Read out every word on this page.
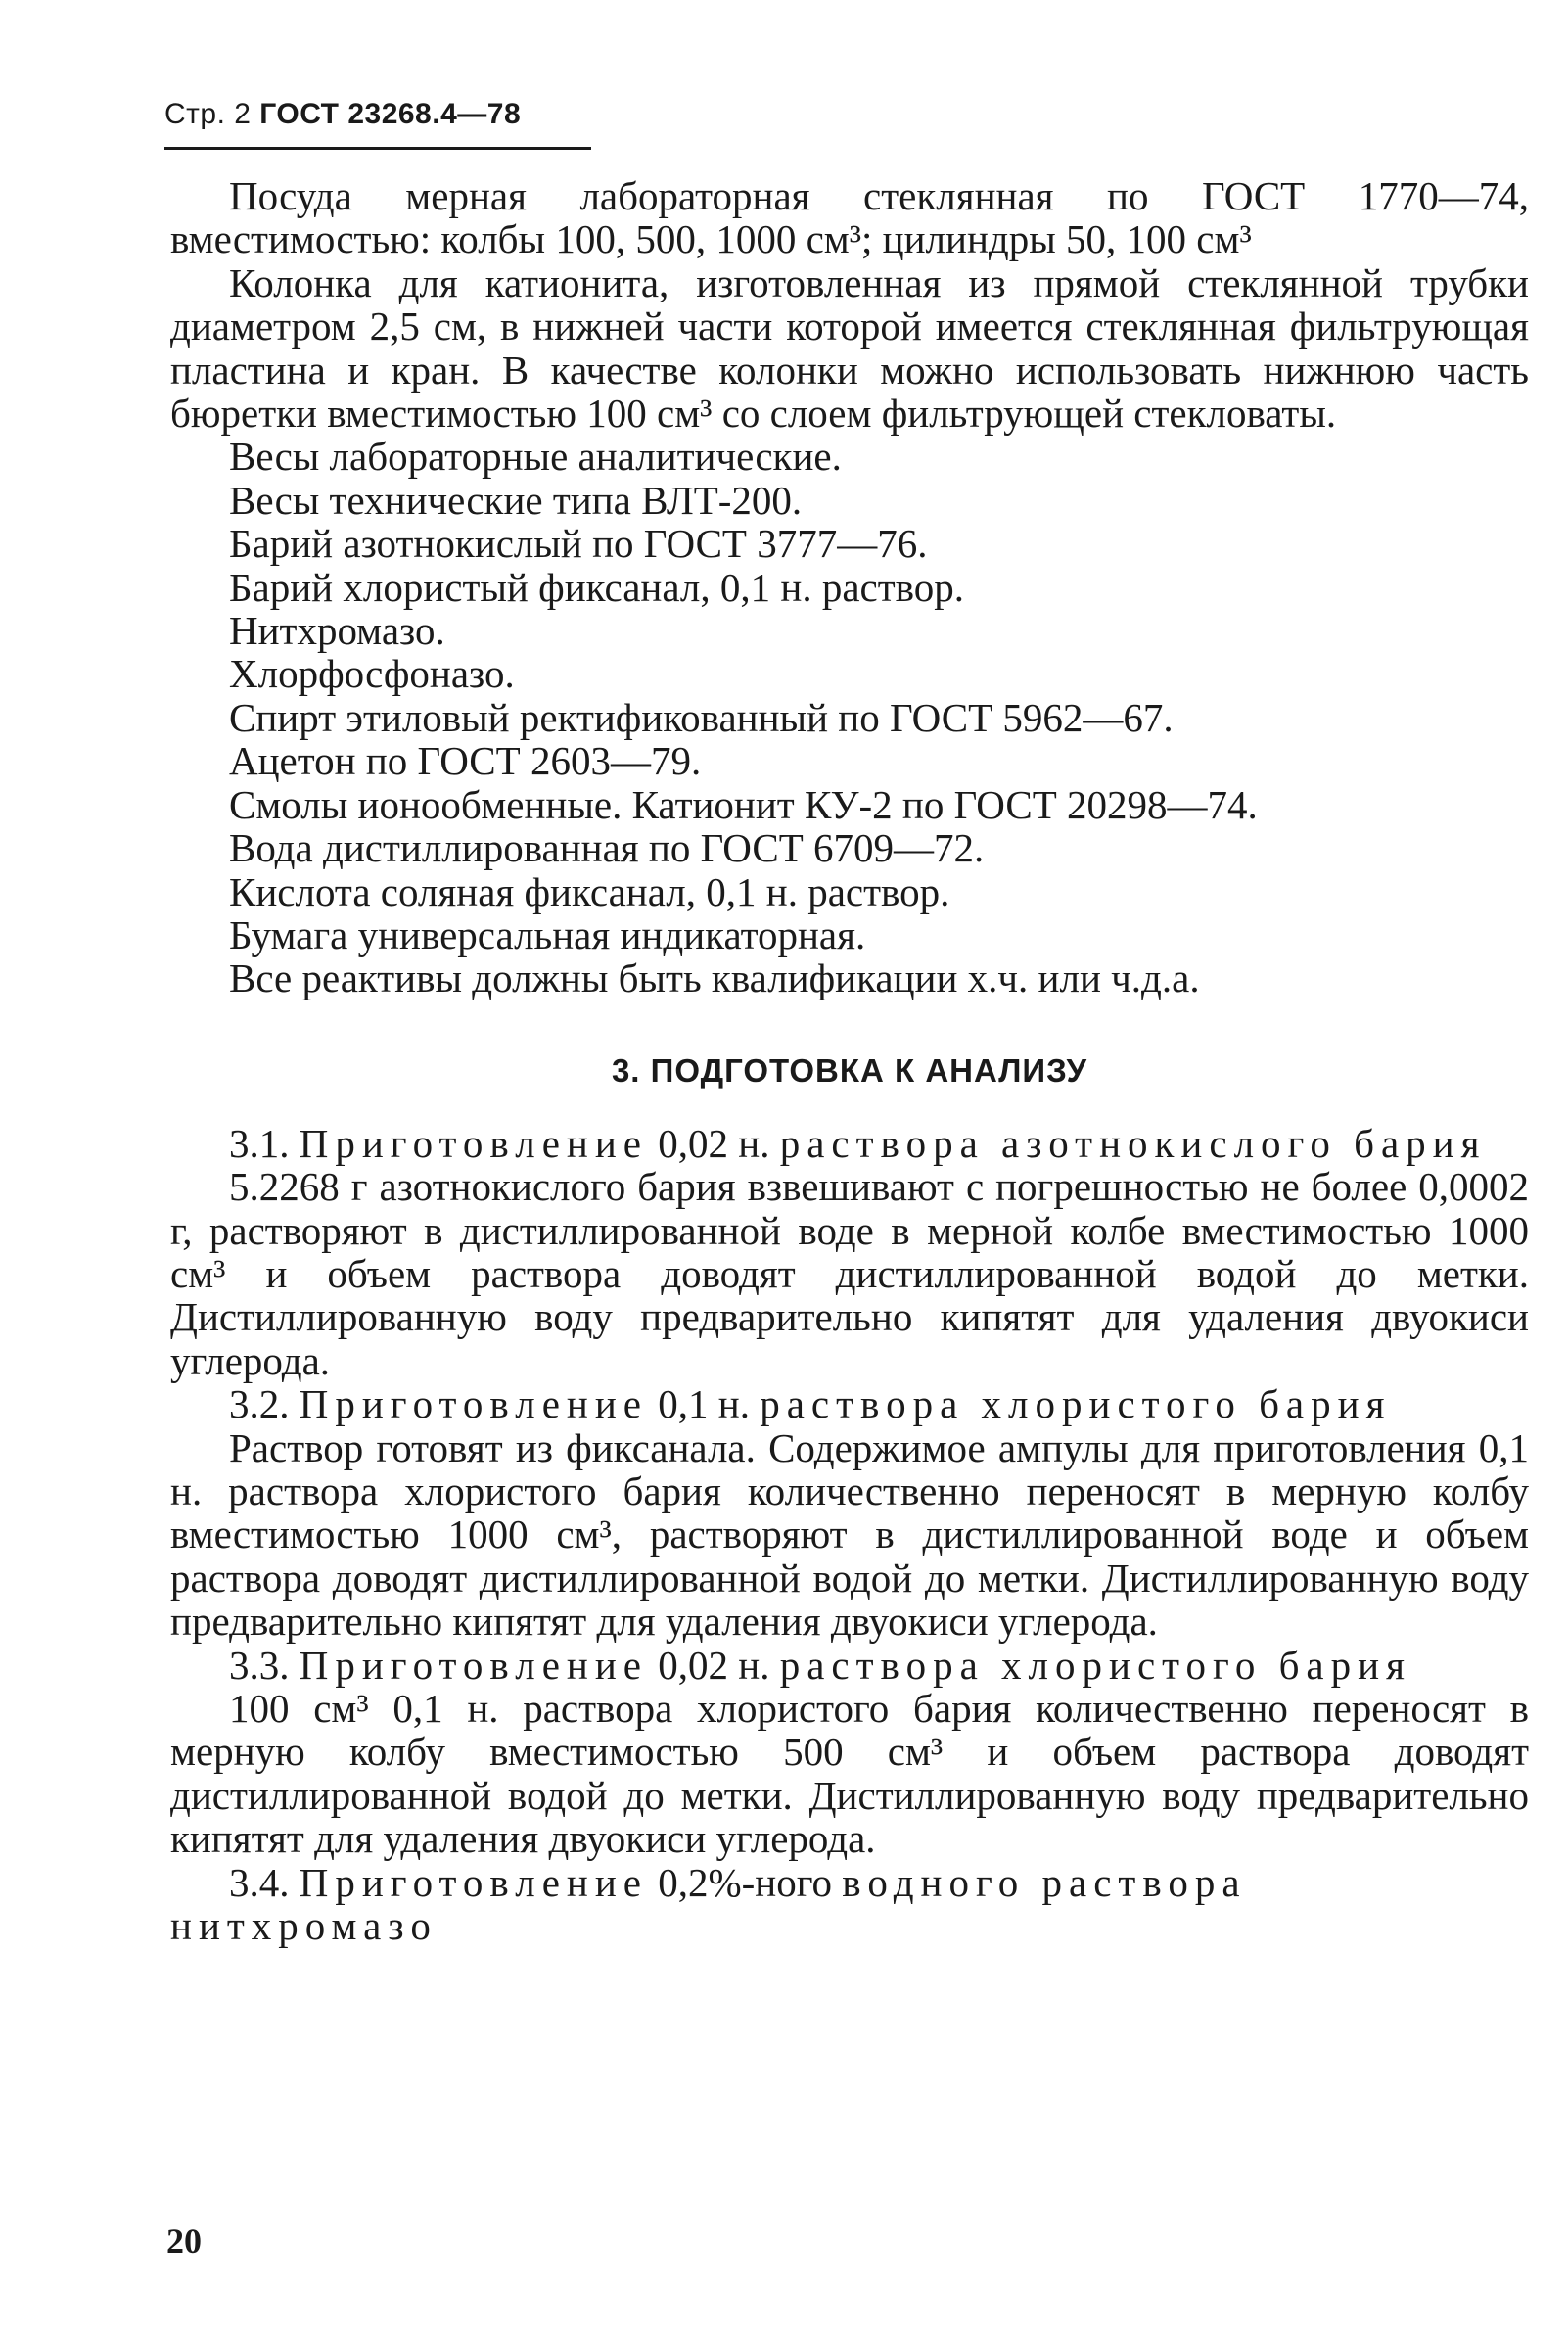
Стр. 2 ГОСТ 23268.4—78

Посуда мерная лабораторная стеклянная по ГОСТ 1770—74, вместимостью: колбы 100, 500, 1000 см³; цилиндры 50, 100 см³

Колонка для катионита, изготовленная из прямой стеклянной трубки диаметром 2,5 см, в нижней части которой имеется стеклянная фильтрующая пластина и кран. В качестве колонки можно использовать нижнюю часть бюретки вместимостью 100 см³ со слоем фильтрующей стекловаты.

Весы лабораторные аналитические.

Весы технические типа ВЛТ-200.

Барий азотнокислый по ГОСТ 3777—76.

Барий хлористый фиксанал, 0,1 н. раствор.

Нитхромазо.

Хлорфосфоназо.

Спирт этиловый ректификованный по ГОСТ 5962—67.

Ацетон по ГОСТ 2603—79.

Смолы ионообменные. Катионит КУ-2 по ГОСТ 20298—74.

Вода дистиллированная по ГОСТ 6709—72.

Кислота соляная фиксанал, 0,1 н. раствор.

Бумага универсальная индикаторная.

Все реактивы должны быть квалификации х.ч. или ч.д.а.

3. ПОДГОТОВКА К АНАЛИЗУ

3.1. Приготовление 0,02 н. раствора азотнокислого бария

5.2268 г азотнокислого бария взвешивают с погрешностью не более 0,0002 г, растворяют в дистиллированной воде в мерной колбе вместимостью 1000 см³ и объем раствора доводят дистиллированной водой до метки. Дистиллированную воду предварительно кипятят для удаления двуокиси углерода.

3.2. Приготовление 0,1 н. раствора хлористого бария

Раствор готовят из фиксанала. Содержимое ампулы для приготовления 0,1 н. раствора хлористого бария количественно переносят в мерную колбу вместимостью 1000 см³, растворяют в дистиллированной воде и объем раствора доводят дистиллированной водой до метки. Дистиллированную воду предварительно кипятят для удаления двуокиси углерода.

3.3. Приготовление 0,02 н. раствора хлористого бария

100 см³ 0,1 н. раствора хлористого бария количественно переносят в мерную колбу вместимостью 500 см³ и объем раствора доводят дистиллированной водой до метки. Дистиллированную воду предварительно кипятят для удаления двуокиси углерода.

3.4. Приготовление 0,2%-ного водного раствора нитхромазо

20
